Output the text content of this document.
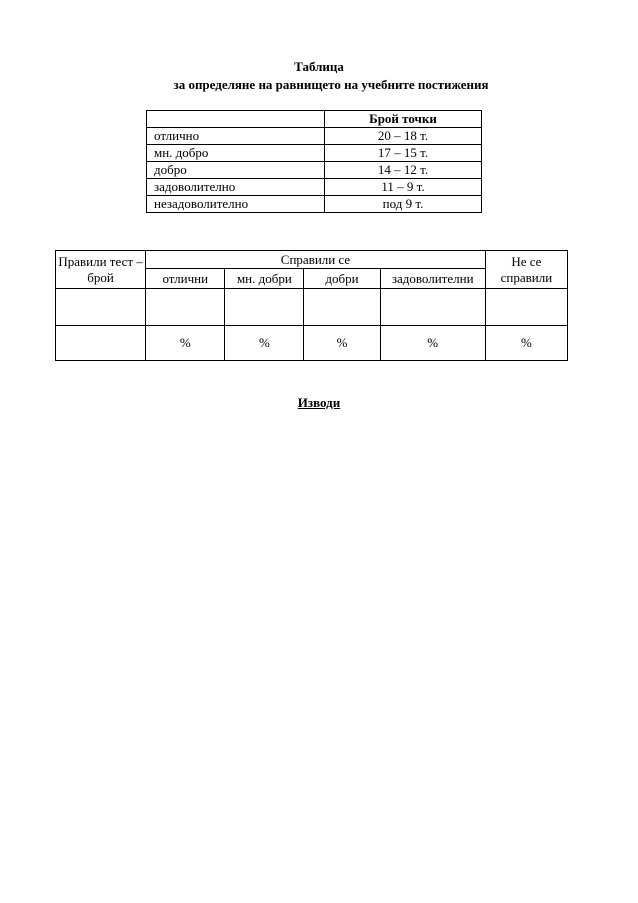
Таблица
за определяне на равнището на учебните постижения
	Брой точки
отлично	20 – 18 т.
мн. добро	17 – 15 т.
добро	14 – 12 т.
задоволително	11 – 9 т.
незадоволително	под 9 т.
Правили тест – брой	Справили се				Не се справили
	отлични	мн. добри	добри	задоволителни	

	%	%	%	%	%
Изводи
